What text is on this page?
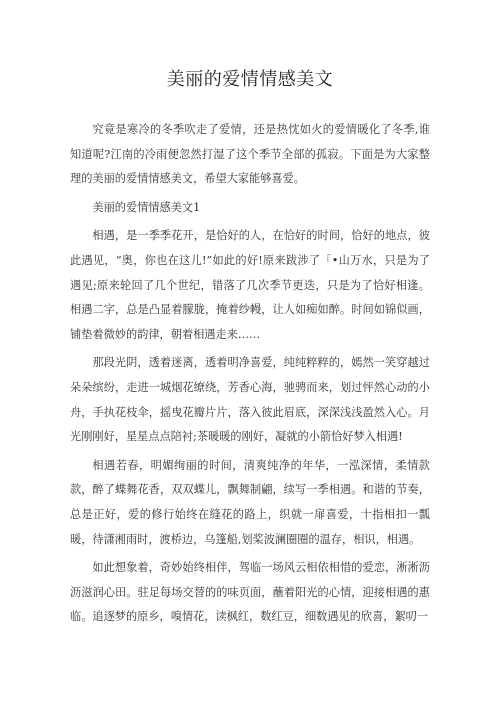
美丽的爱情情感美文

究竟是寒冷的冬季吹走了爱情，还是热忱如火的爱情暖化了冬季,谁知道呢?江南的冷雨便忽然打湿了这个季节全部的孤寂。下面是为大家整理的美丽的爱情情感美文，希望大家能够喜爱。

美丽的爱情情感美文1

相遇，是一季季花开，是恰好的人，在恰好的时间，恰好的地点，彼此遇见，“奥，你也在这儿!”如此的好!原来跋涉了「•山万水，只是为了遇见;原来轮回了几个世纪，错落了几次季节更迭，只是为了恰好相逢。相遇二字，总是凸显着朦胧，掩着纱幔，让人如痴如醉。时间如锦似画，铺垫着微妙的韵律，朝着相遇走来……

那段光阴，透着迷离，透着明净喜爱，纯纯粹粹的，嫣然一笑穿越过朵朵缤纷，走进一城烟花缭绕，芳香心海，驰骋而来，划过怦然心动的小舟，手执花枝伞，摇曳花瓣片片，落入彼此眉底，深深浅浅盈然入心。月光刚刚好，星星点点陪衬;茶暖暖的刚好，凝就的小箭恰好梦入相遇!

相遇若春，明媚绚丽的时间，清爽纯净的年华，一泓深情，柔情款款，醉了蝶舞花香，双双蝶儿，飘舞制翩，续写一季相遇。和谐的节奏，总是正好，爱的修行始终在缝花的路上，织就一扉喜爱，十指相扣一瓢暖，待潇湘雨时，渡桥边，乌篷船,划桨波澜圈圈的温存，相识，相遇。

如此想象着，奇妙始终相伴，驾临一场风云相依相惜的爱恋，淅淅沥沥滋润心田。驻足每场交替的的味页面，蘸着阳光的心情，迎接相遇的惠临。追逐梦的原乡，嗅情花，读枫红，数红豆，细数遇见的欣喜，絮叨一
